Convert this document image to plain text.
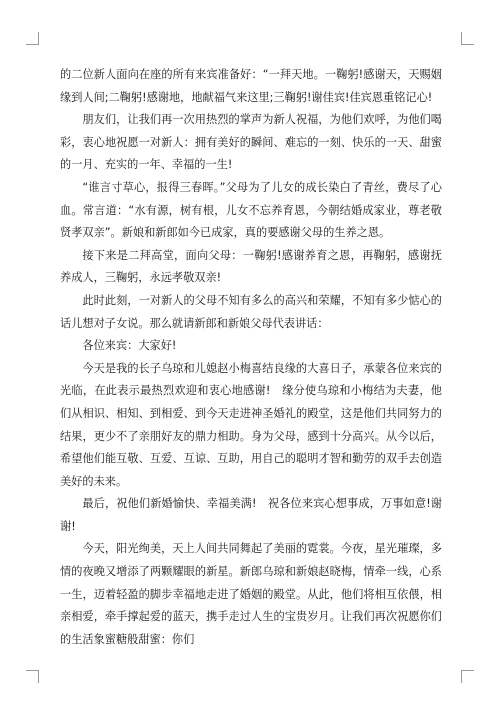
的二位新人面向在座的所有来宾准备好：“一拜天地。一鞠躬!感谢天，天赐姻缘到人间;二鞠躬!感谢地，地献福气来这里;三鞠躬!谢佳宾!佳宾恩重铭记心!

朋友们，让我们再一次用热烈的掌声为新人祝福，为他们欢呼，为他们喝彩，衷心地祝愿一对新人：拥有美好的瞬间、难忘的一刻、快乐的一天、甜蜜的一月、充实的一年、幸福的一生!

“谁言寸草心，报得三春晖。”父母为了儿女的成长染白了青丝，费尽了心血。常言道：“水有源，树有根，儿女不忘养育恩，今朝结婚成家业，尊老敬贤孝双亲”。新娘和新郎如今已成家，真的要感谢父母的生养之恩。

接下来是二拜高堂，面向父母：一鞠躬!感谢养育之恩，再鞠躬，感谢抚养成人，三鞠躬，永远孝敬双亲!

此时此刻，一对新人的父母不知有多么的高兴和荣耀，不知有多少惦心的话儿想对子女说。那么就请新郎和新娘父母代表讲话：

各位来宾：大家好!

今天是我的长子乌琼和儿媳赵小梅喜结良缘的大喜日子，承蒙各位来宾的光临，在此表示最热烈欢迎和衷心地感谢!　缘分使乌琼和小梅结为夫妻，他们从相识、相知、到相爱、到今天走进神圣婚礼的殿堂，这是他们共同努力的结果，更少不了亲朋好友的鼎力相助。身为父母，感到十分高兴。从今以后，希望他们能互敬、互爱、互谅、互助，用自己的聪明才智和勤劳的双手去创造美好的未来。

最后，祝他们新婚愉快、幸福美满!　祝各位来宾心想事成，万事如意!谢谢!

今天，阳光绚美，天上人间共同舞起了美丽的霓裳。今夜，星光璀璨，多情的夜晚又增添了两颗耀眼的新星。新郎乌琼和新娘赵晓梅，情牵一线，心系一生，迈着轻盈的脚步幸福地走进了婚姻的殿堂。从此，他们将相互依偎，相亲相爱，牵手撑起爱的蓝天，携手走过人生的宝贵岁月。让我们再次祝愿你们的生活象蜜糖般甜蜜：你们
